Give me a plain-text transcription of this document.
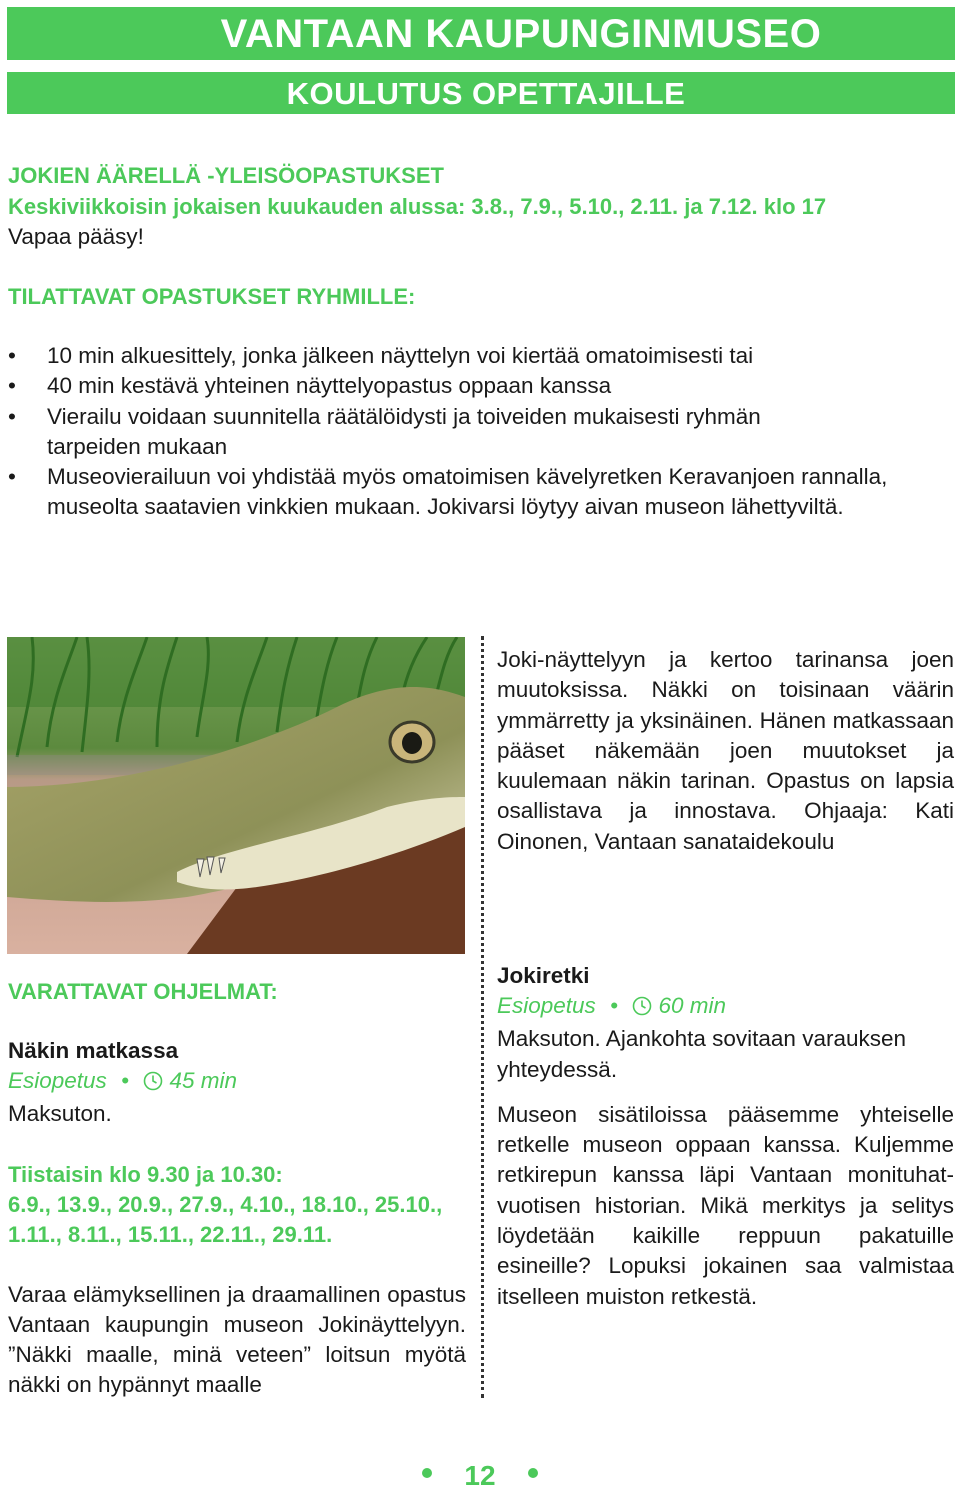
VANTAAN KAUPUNGINMUSEO
KOULUTUS OPETTAJILLE
JOKIEN ÄÄRELLÄ -YLEISÖOPASTUKSET
Keskiviikkoisin jokaisen kuukauden alussa: 3.8., 7.9., 5.10., 2.11. ja 7.12. klo 17
Vapaa pääsy!
TILATTAVAT OPASTUKSET RYHMILLE:
• 10 min alkuesittely, jonka jälkeen näyttelyn voi kiertää omatoimisesti tai
• 40 min kestävä yhteinen näyttelyopastus oppaan kanssa
• Vierailu voidaan suunnitella räätälöidysti ja toiveiden mukaisesti ryhmän tarpeiden mukaan
• Museovierailuun voi yhdistää myös omatoimisen kävelyretken Keravanjoen rannalla, museolta saatavien vinkkien mukaan. Jokivarsi löytyy aivan museon lähettyviltä.
VARATTAVAT OHJELMAT:
Näkin matkassa
Esiopetus • 45 min
Maksuton.
Tiistaisin klo 9.30 ja 10.30:
6.9., 13.9., 20.9., 27.9., 4.10., 18.10., 25.10., 1.11., 8.11., 15.11., 22.11., 29.11.
Varaa elämyksellinen ja draamallinen opastus Vantaan kaupungin museon Jokinäyttelyyn. ”Näkki maalle, minä veteen” loitsun myötä näkki on hypännyt maalle
Joki-näyttelyyn ja kertoo tarinansa joen muutoksissa. Näkki on toisinaan väärin ymmärretty ja yksinäinen. Hänen matkassaan pääset näkemään joen muutokset ja kuulemaan näkin tarinan. Opastus on lapsia osallistava ja innostava. Ohjaaja: Kati Oinonen, Vantaan sanataidekoulu
Jokiretki
Esiopetus • 60 min
Maksuton. Ajankohta sovitaan varauksen yhteydessä.
Museon sisätiloissa pääsemme yhteiselle retkelle museon oppaan kanssa. Kuljemme retkirepun kanssa läpi Vantaan monituhatvuotisen historian. Mikä merkitys ja selitys löydetään kaikille reppuun pakatuille esineille? Lopuksi jokainen saa valmistaa itselleen muiston retkestä.
12
